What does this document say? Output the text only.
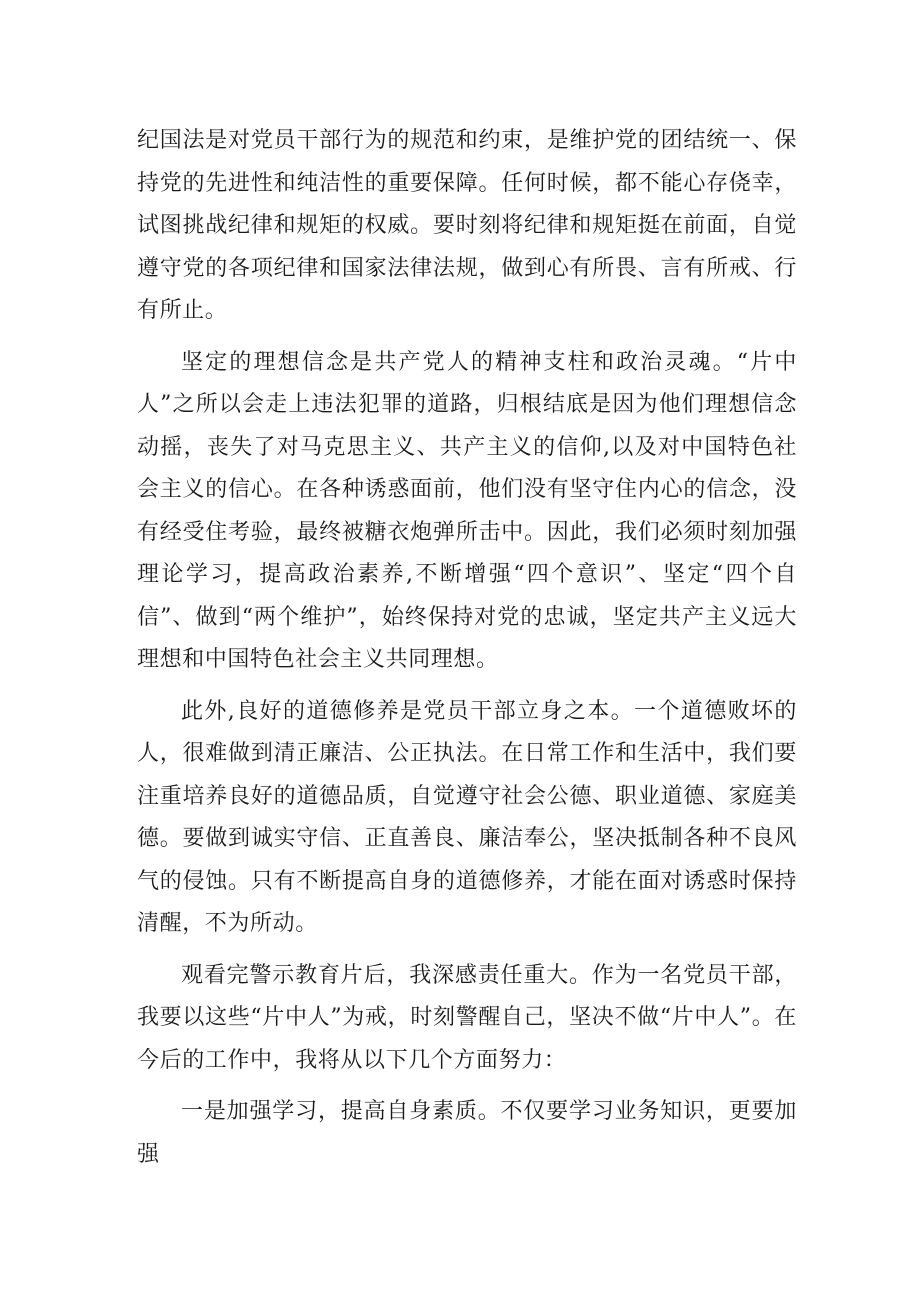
纪国法是对党员干部行为的规范和约束，是维护党的团结统一、保持党的先进性和纯洁性的重要保障。任何时候，都不能心存侥幸，试图挑战纪律和规矩的权威。要时刻将纪律和规矩挺在前面，自觉遵守党的各项纪律和国家法律法规，做到心有所畏、言有所戒、行有所止。

坚定的理想信念是共产党人的精神支柱和政治灵魂。“片中人”之所以会走上违法犯罪的道路，归根结底是因为他们理想信念动摇，丧失了对马克思主义、共产主义的信仰,以及对中国特色社会主义的信心。在各种诱惑面前，他们没有坚守住内心的信念，没有经受住考验，最终被糖衣炮弹所击中。因此，我们必须时刻加强理论学习，提高政治素养,不断增强“四个意识”、坚定“四个自信”、做到“两个维护”，始终保持对党的忠诚，坚定共产主义远大理想和中国特色社会主义共同理想。

此外,良好的道德修养是党员干部立身之本。一个道德败坏的人，很难做到清正廉洁、公正执法。在日常工作和生活中，我们要注重培养良好的道德品质，自觉遵守社会公德、职业道德、家庭美德。要做到诚实守信、正直善良、廉洁奉公，坚决抵制各种不良风气的侵蚀。只有不断提高自身的道德修养，才能在面对诱惑时保持清醒，不为所动。

观看完警示教育片后，我深感责任重大。作为一名党员干部，我要以这些“片中人”为戒，时刻警醒自己，坚决不做“片中人”。在今后的工作中，我将从以下几个方面努力：

一是加强学习，提高自身素质。不仅要学习业务知识，更要加强
